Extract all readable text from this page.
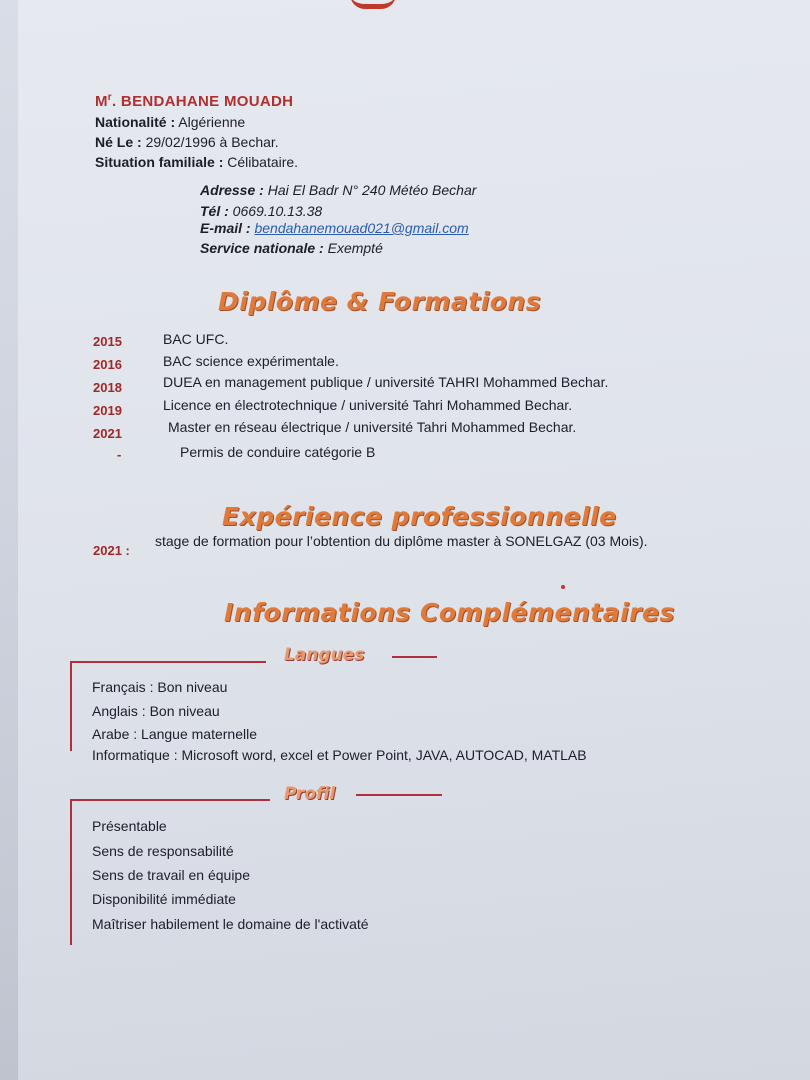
$M^r$. BENDAHANE MOUADH
Nationalité : Algérienne
Né Le : 29/02/1996 à Bechar.
Situation familiale : Célibataire.
Adresse : Hai El Badr N° 240 Météo Bechar
Tél : 0669.10.13.38
E-mail : bendahanemouad021@gmail.com
Service nationale : Exempté
Diplôme & Formations
2015	BAC UFC.
2016	BAC science expérimentale.
2018	DUEA en management publique / université TAHRI Mohammed Bechar.
2019	Licence en électrotechnique / université Tahri Mohammed Bechar.
2021	Master en réseau électrique / université Tahri Mohammed Bechar.
-	Permis de conduire catégorie B
Expérience professionnelle
2021 :
stage de formation pour l’obtention du diplôme master à SONELGAZ (03 Mois).
Informations Complémentaires
Langues
Français : Bon niveau
Anglais : Bon niveau
Arabe : Langue maternelle
Informatique : Microsoft word, excel et Power Point, JAVA, AUTOCAD, MATLAB
Profil
Présentable
Sens de responsabilité
Sens de travail en équipe
Disponibilité immédiate
Maîtriser habilement le domaine de l'activaté
